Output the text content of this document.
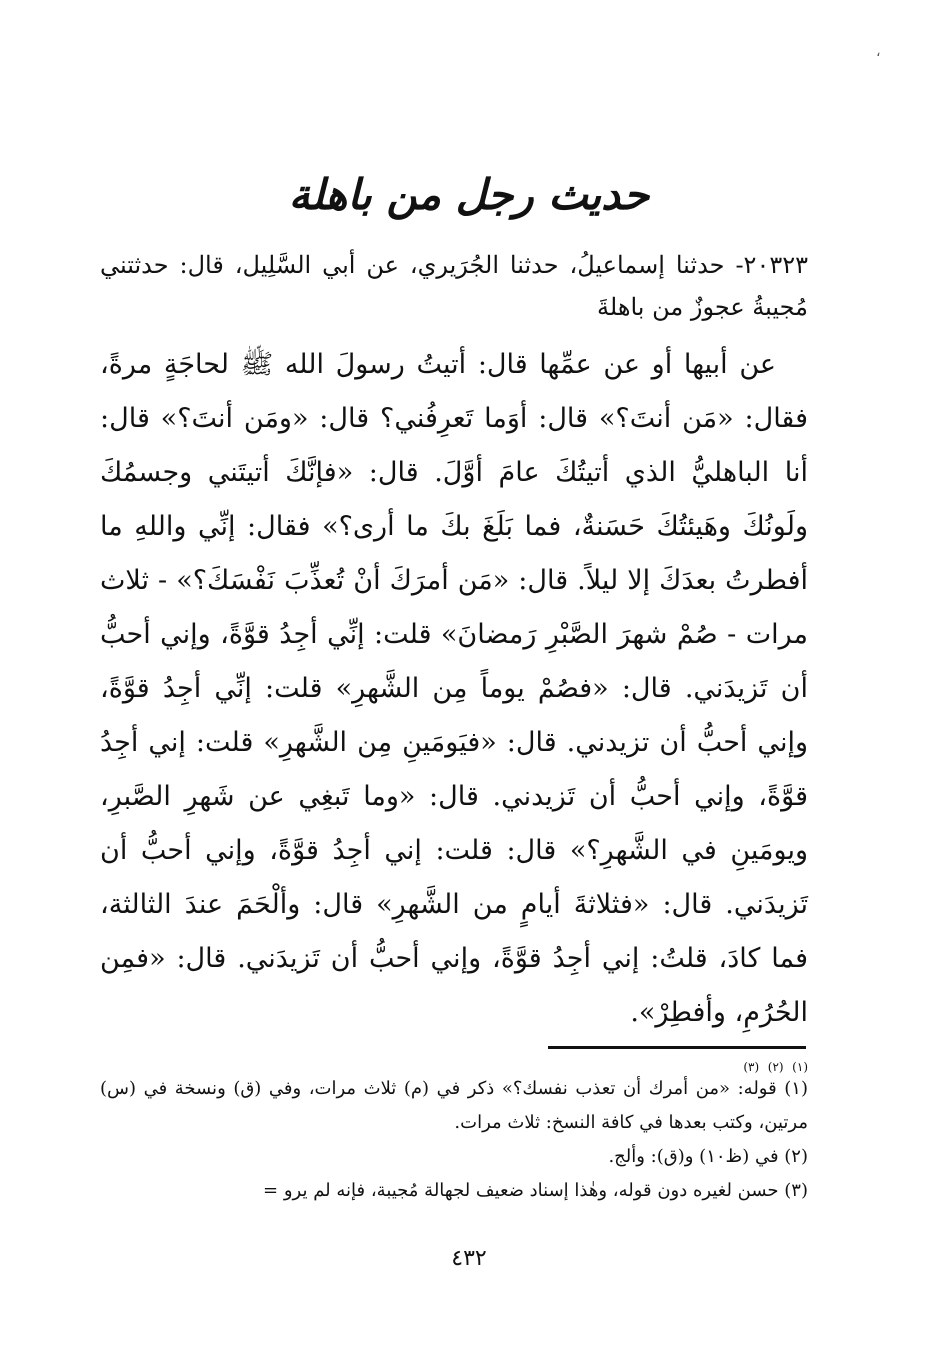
،
حديث رجل من باهلة
٢٠٣٢٣- حدثنا إسماعيلُ، حدثنا الجُرَيري، عن أبي السَّلِيل، قال: حدثتني مُجيبةُ عجوزٌ من باهلةَ

عن أبيها أو عن عمِّها قال: أتيتُ رسولَ الله ﷺ لحاجَةٍ مرةً، فقال: «مَن أنتَ؟» قال: أوَما تَعرِفُني؟ قال: «ومَن أنتَ؟» قال: أنا الباهليُّ الذي أتيتُكَ عامَ أوَّلَ. قال: «فإنَّكَ أتيتَني وجسمُكَ ولَونُكَ وهَيئتُكَ حَسَنةٌ، فما بَلَغَ بكَ ما أرى؟» فقال: إنِّي واللهِ ما أفطرتُ بعدَكَ إلا ليلاً. قال: «مَن أمرَكَ أنْ تُعذِّبَ نَفْسَكَ؟» - ثلاث مرات - صُمْ شهرَ الصَّبْرِ رَمضانَ» قلت: إنِّي أجِدُ قوَّةً، وإني أحبُّ أن تَزيدَني. قال: «فصُمْ يوماً مِن الشَّهرِ» قلت: إنِّي أجِدُ قوَّةً، وإني أحبُّ أن تزيدني. قال: «فيَومَينِ مِن الشَّهرِ» قلت: إني أجِدُ قوَّةً، وإني أحبُّ أن تَزيدني. قال: «وما تَبغِي عن شَهرِ الصَّبرِ، ويومَينِ في الشَّهرِ؟» قال: قلت: إني أجِدُ قوَّةً، وإني أحبُّ أن تَزيدَني. قال: «فثلاثةَ أيامٍ من الشَّهرِ» قال: وألْحَمَ عندَ الثالثة، فما كادَ، قلتُ: إني أجِدُ قوَّةً، وإني أحبُّ أن تَزيدَني. قال: «فمِن الحُرُمِ، وأفطِرْ».

$^{(١)}$ $^{(٢)}$ $^{(٣)}$

(١) قوله: «من أمرك أن تعذب نفسك؟» ذكر في (م) ثلاث مرات، وفي (ق) ونسخة في (س) مرتين، وكتب بعدها في كافة النسخ: ثلاث مرات.

(٢) في (ظ١٠) و(ق): وألج.

(٣) حسن لغيره دون قوله، وهٰذا إسناد ضعيف لجهالة مُجيبة، فإنه لم يرو =

٤٣٢
